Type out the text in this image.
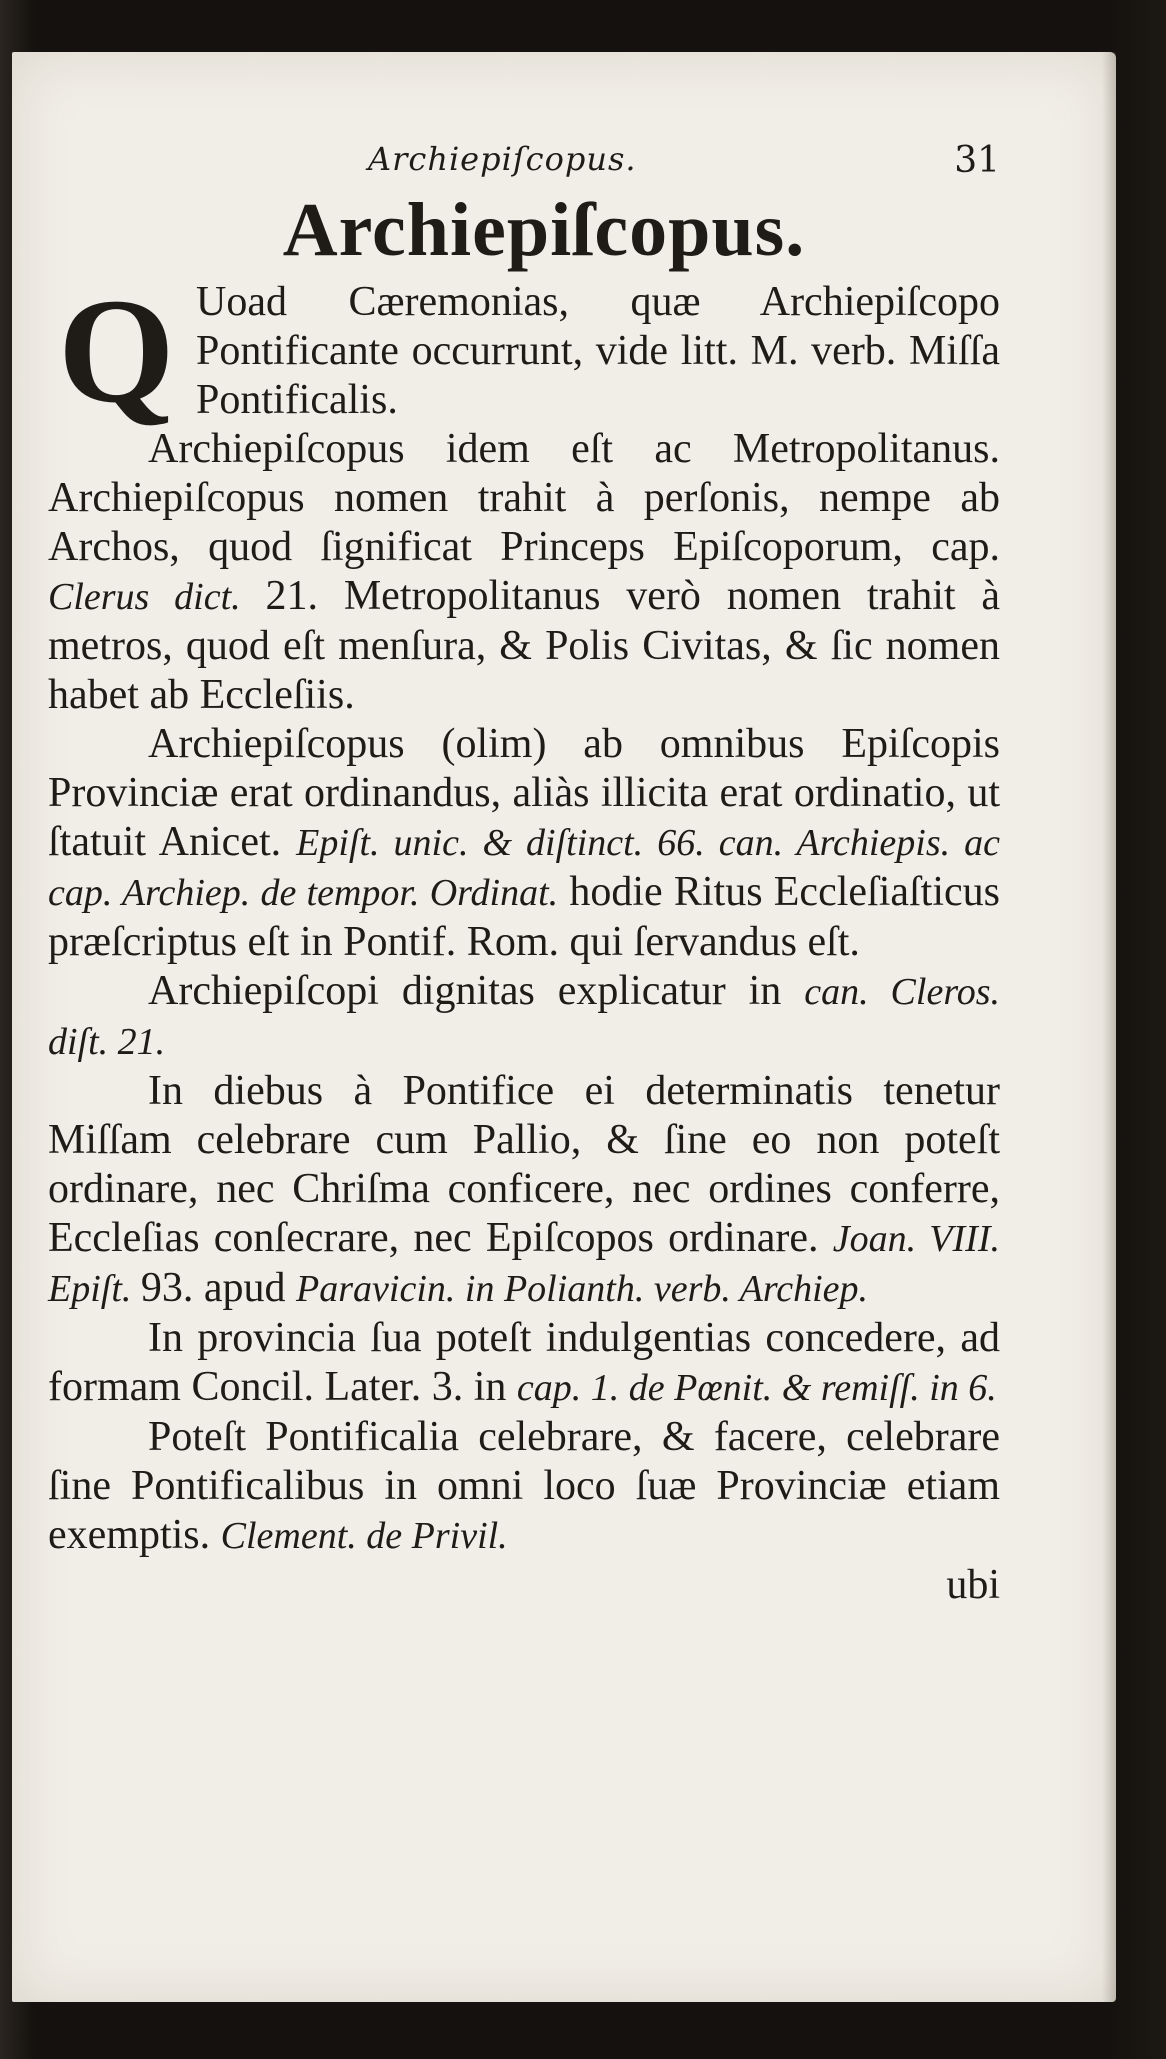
Archiepiſcopus.	31
Archiepiſcopus.

Q Uoad Cæremonias, quæ Archiepiſcopo Pontificante occurrunt, vide litt. M. verb. Miſſa Pontificalis.

Archiepiſcopus idem eſt ac Metropolitanus. Archiepiſcopus nomen trahit à perſonis, nempe ab Archos, quod ſignificat Princeps Epiſcoporum, cap. Clerus dict. 21. Metropolitanus verò nomen trahit à metros, quod eſt menſura, & Polis Civitas, & ſic nomen habet ab Eccleſiis.

Archiepiſcopus (olim) ab omnibus Epiſcopis Provinciæ erat ordinandus, aliàs illicita erat ordinatio, ut ſtatuit Anicet. Epiſt. unic. & diſtinct. 66. can. Archiepis. ac cap. Archiep. de tempor. Ordinat. hodie Ritus Eccleſiaſticus præſcriptus eſt in Pontif. Rom. qui ſervandus eſt.

Archiepiſcopi dignitas explicatur in can. Cleros. diſt. 21.

In diebus à Pontifice ei determinatis tenetur Miſſam celebrare cum Pallio, & ſine eo non poteſt ordinare, nec Chriſma conficere, nec ordines conferre, Eccleſias conſecrare, nec Epiſcopos ordinare. Joan. VIII. Epiſt. 93. apud Paravicin. in Polianth. verb. Archiep.

In provincia ſua poteſt indulgentias concedere, ad formam Concil. Later. 3. in cap. 1. de Pœnit. & remiſſ. in 6.

Poteſt Pontificalia celebrare, & facere, celebrare ſine Pontificalibus in omni loco ſuæ Provinciæ etiam exemptis. Clement. de Privil.

ubi
